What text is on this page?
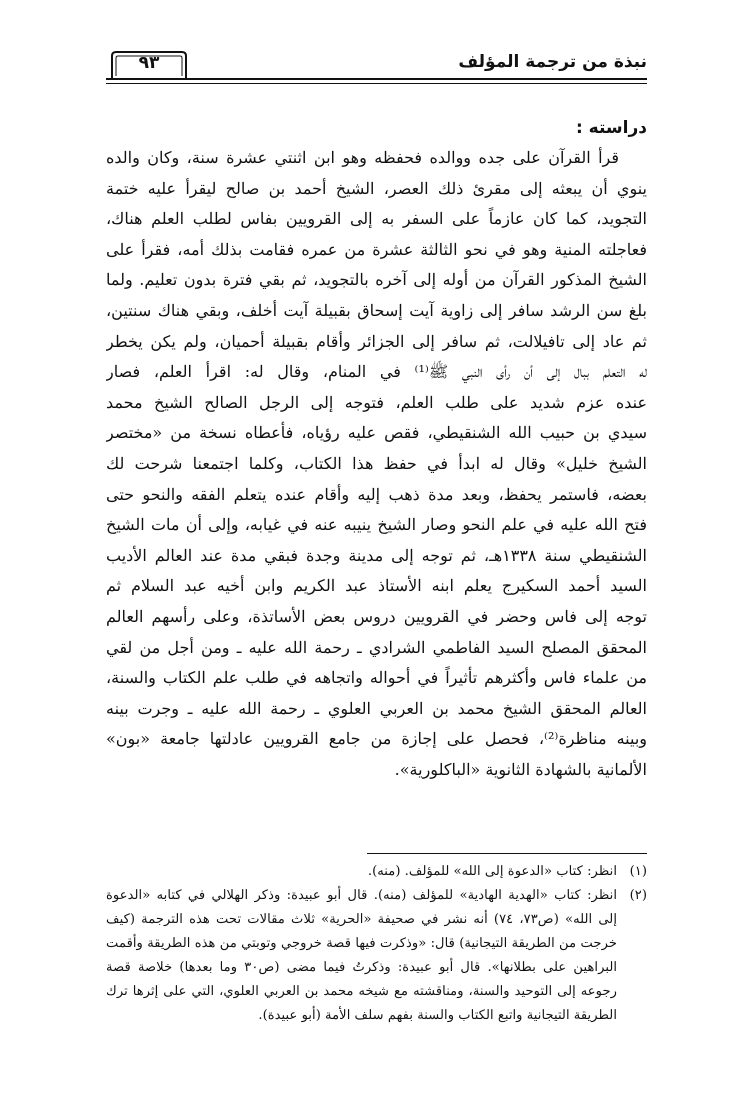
نبذة من ترجمة المؤلف
٩٣
دراسته :
قرأ القرآن على جده ووالده فحفظه وهو ابن اثنتي عشرة سنة، وكان والده
ينوي أن يبعثه إلى مقرئ ذلك العصر، الشيخ أحمد بن صالح ليقرأ عليه ختمة
التجويد، كما كان عازماً على السفر به إلى القرويين بفاس لطلب العلم هناك،
فعاجلته المنية وهو في نحو الثالثة عشرة من عمره فقامت بذلك أمه، فقرأ على
الشيخ المذكور القرآن من أوله إلى آخره بالتجويد، ثم بقي فترة بدون تعليم. ولما
بلغ سن الرشد سافر إلى زاوية آيت إسحاق بقبيلة آيت أخلف، وبقي هناك سنتين،
ثم عاد إلى تافيلالت، ثم سافر إلى الجزائر وأقام بقبيلة أحميان، ولم يكن يخطر
له التعلم ببال إلى أن رأى النبي ﷺ⁽¹⁾ في المنام، وقال له: اقرأ العلم، فصار
عنده عزم شديد على طلب العلم، فتوجه إلى الرجل الصالح الشيخ محمد
سيدي بن حبيب الله الشنقيطي، فقص عليه رؤياه، فأعطاه نسخة من «مختصر
الشيخ خليل» وقال له ابدأ في حفظ هذا الكتاب، وكلما اجتمعنا شرحت لك
بعضه، فاستمر يحفظ، وبعد مدة ذهب إليه وأقام عنده يتعلم الفقه والنحو حتى
فتح الله عليه في علم النحو وصار الشيخ ينيبه عنه في غيابه، وإلى أن مات الشيخ
الشنقيطي سنة ١٣٣٨هـ، ثم توجه إلى مدينة وجدة فبقي مدة عند العالم الأديب
السيد أحمد السكيرج يعلم ابنه الأستاذ عبد الكريم وابن أخيه عبد السلام ثم
توجه إلى فاس وحضر في القرويين دروس بعض الأساتذة، وعلى رأسهم العالم
المحقق المصلح السيد الفاطمي الشرادي ـ رحمة الله عليه ـ ومن أجل من لقي
من علماء فاس وأكثرهم تأثيراً في أحواله واتجاهه في طلب علم الكتاب والسنة،
العالم المحقق الشيخ محمد بن العربي العلوي ـ رحمة الله عليه ـ وجرت بينه
وبينه مناظرة⁽²⁾، فحصل على إجازة من جامع القرويين عادلتها جامعة «بون»
الألمانية بالشهادة الثانوية «الباكلورية».
(١)انظر: كتاب «الدعوة إلى الله» للمؤلف. (منه).
(٢)انظر: كتاب «الهدية الهادية» للمؤلف (منه). قال أبو عبيدة: وذكر الهلالي في كتابه «الدعوة
إلى الله» (ص٧٣، ٧٤) أنه نشر في صحيفة «الحرية» ثلاث مقالات تحت هذه الترجمة (كيف
خرجت من الطريقة التيجانية) قال: «وذكرت فيها قصة خروجي وتوبتي من هذه الطريقة وأقمت
البراهين على بطلانها». قال أبو عبيدة: وذكرتُ فيما مضى (ص٣٠ وما بعدها) خلاصة قصة
رجوعه إلى التوحيد والسنة، ومناقشته مع شيخه محمد بن العربي العلوي، التي على إثرها ترك
الطريقة التيجانية واتبع الكتاب والسنة بفهم سلف الأمة (أبو عبيدة).
